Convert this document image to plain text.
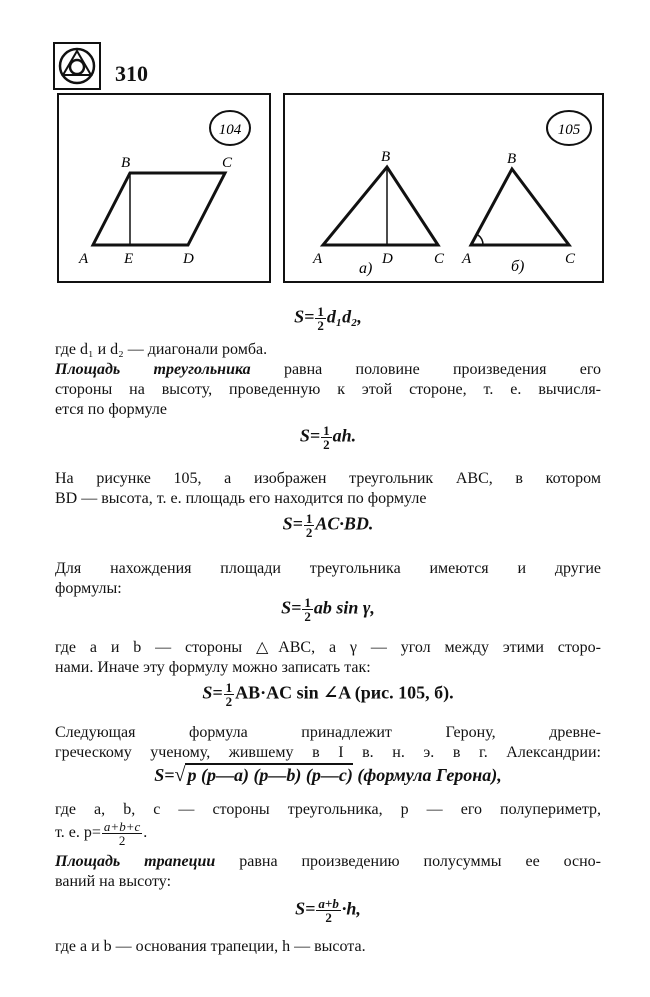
310
104
A E	D
B	C
105
B
A	D	C
а)
B
A	C
б)
$S= \frac{1}{2} d_1d_2$,
где d₁ и d₂ — диагонали ромба.
Площадь треугольника равна половине произведения его
стороны на высоту, проведенную к этой стороне, т. е. вычисля-
ется по формуле
$S= \frac{1}{2}$ ah.
На рисунке 105, а изображен треугольник ABC, в котором
BD — высота, т. е. площадь его находится по формуле
$S= \frac{1}{2} AC\cdot BD$.
Для нахождения площади треугольника имеются и другие
формулы:
$S= \frac{1}{2}$ ab sin γ,
где a и b — стороны △ABC, а γ — угол между этими сторо-
нами. Иначе эту формулу можно записать так:
$S= \frac{1}{2} AB\cdot AC$ sin ∠A (рис. 105, б).
Следующая формула принадлежит Герону, древне-
греческому ученому, жившему в I в. н. э. в г. Александрии:
S=√ p (p—a) (p—b) (p—c) (формула Герона),
где a, b, c — стороны треугольника, p — его полупериметр,
т. е. $p= \frac{a+b+c}{2}$ .
Площадь трапеции равна произведению полусуммы ее осно-
ваний на высоту:
$S= \frac{a+b}{2} \cdot h$,
где a и b — основания трапеции, h — высота.
